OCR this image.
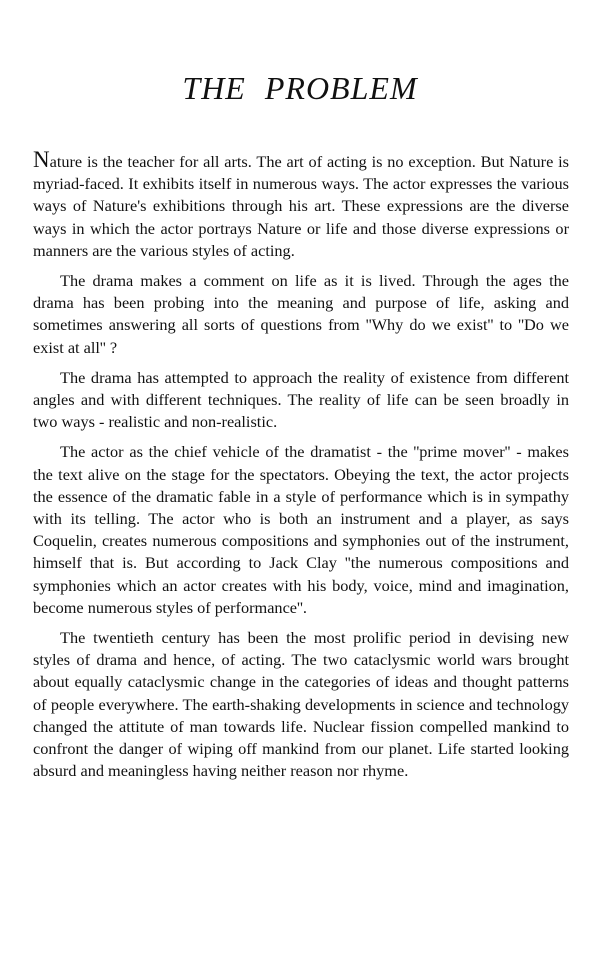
THE PROBLEM

Nature is the teacher for all arts. The art of acting is no exception. But Nature is myriad-faced. It exhibits itself in numerous ways. The actor expresses the various ways of Nature's exhibitions through his art. These expressions are the diverse ways in which the actor portrays Nature or life and those diverse expressions or manners are the various styles of acting.

The drama makes a comment on life as it is lived. Through the ages the drama has been probing into the meaning and purpose of life, asking and sometimes answering all sorts of questions from ''Why do we exist'' to ''Do we exist at all'' ?

The drama has attempted to approach the reality of existence from different angles and with different techniques. The reality of life can be seen broadly in two ways - realistic and non-realistic.

The actor as the chief vehicle of the dramatist - the ''prime mover'' - makes the text alive on the stage for the spectators. Obeying the text, the actor projects the essence of the dramatic fable in a style of performance which is in sympathy with its telling. The actor who is both an instrument and a player, as says Coquelin, creates numerous compositions and symphonies out of the instrument, himself that is. But according to Jack Clay ''the numerous compositions and symphonies which an actor creates with his body, voice, mind and imagination, become numerous styles of performance''.

The twentieth century has been the most prolific period in devising new styles of drama and hence, of acting. The two cataclysmic world wars brought about equally cataclysmic change in the categories of ideas and thought patterns of people everywhere. The earth-shaking developments in science and technology changed the attitute of man towards life. Nuclear fission compelled mankind to confront the danger of wiping off mankind from our planet. Life started looking absurd and meaningless having neither reason nor rhyme.
